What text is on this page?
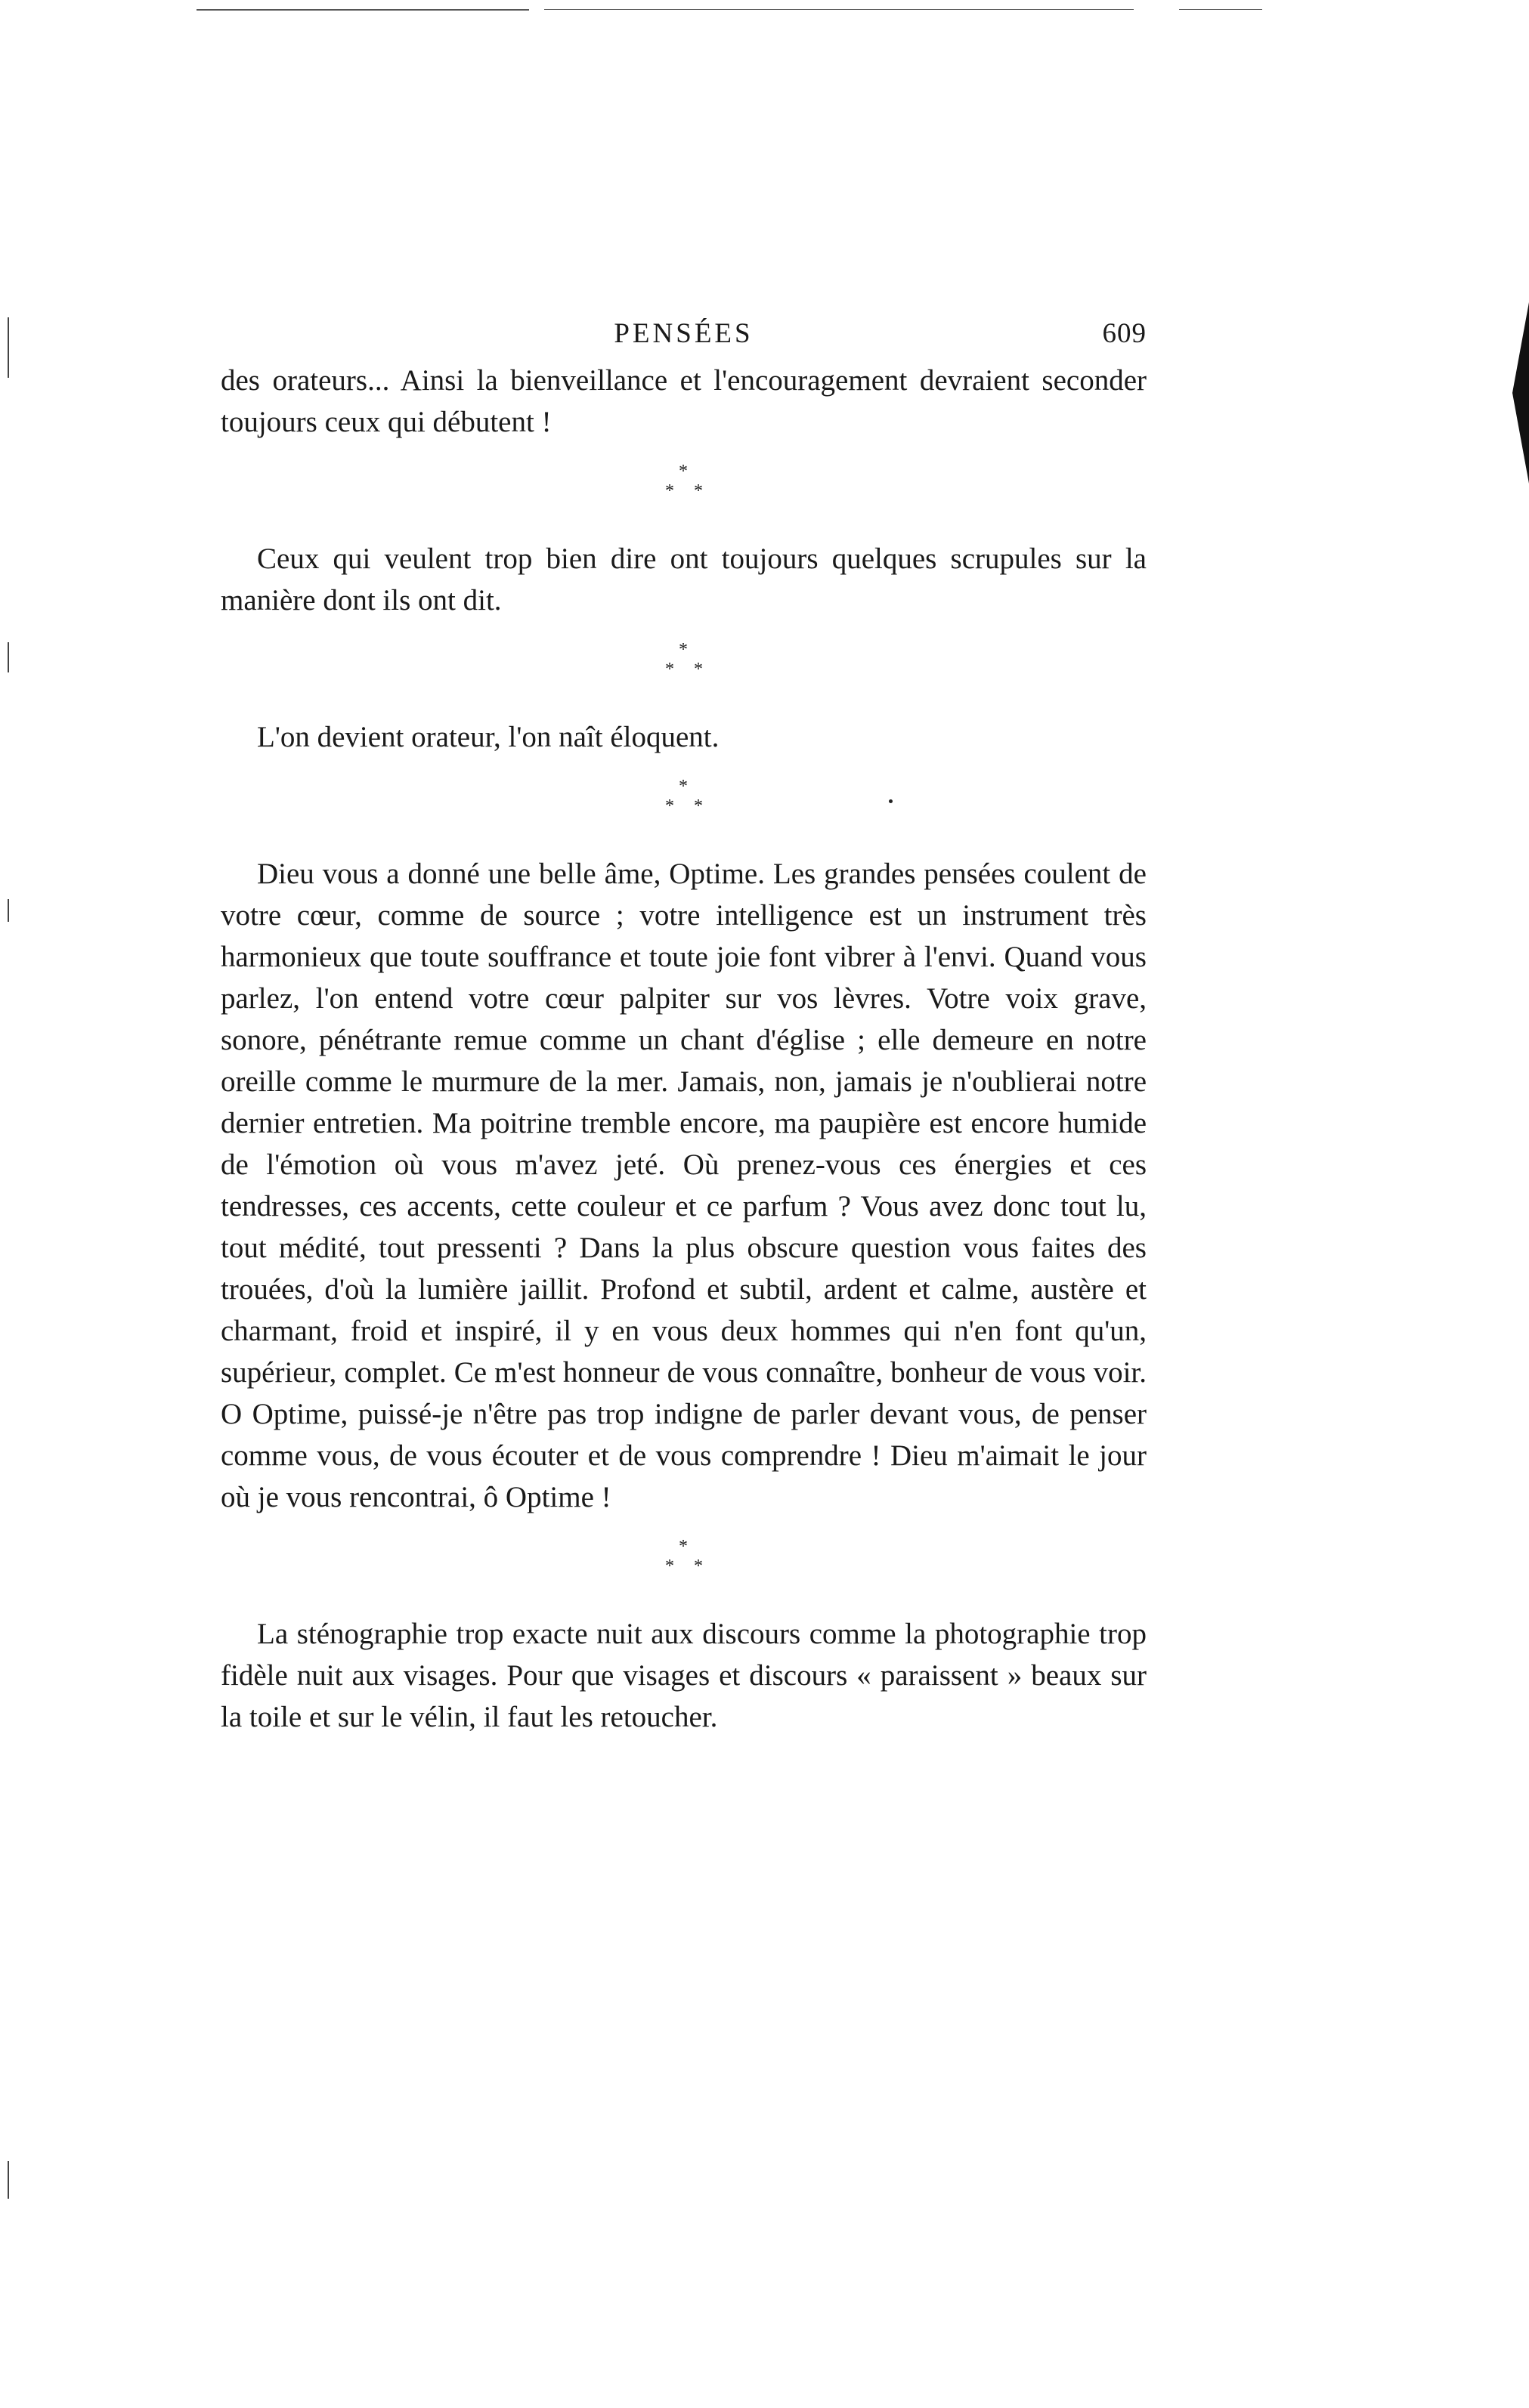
PENSÉES	609

des orateurs... Ainsi la bienveillance et l'encouragement devraient seconder toujours ceux qui débutent !

*
* *

Ceux qui veulent trop bien dire ont toujours quelques scrupules sur la manière dont ils ont dit.

*
* *

L'on devient orateur, l'on naît éloquent.

*
* *

Dieu vous a donné une belle âme, Optime. Les grandes pensées coulent de votre cœur, comme de source ; votre intelligence est un instrument très harmonieux que toute souffrance et toute joie font vibrer à l'envi. Quand vous parlez, l'on entend votre cœur palpiter sur vos lèvres. Votre voix grave, sonore, pénétrante remue comme un chant d'église ; elle demeure en notre oreille comme le murmure de la mer. Jamais, non, jamais je n'oublierai notre dernier entretien. Ma poitrine tremble encore, ma paupière est encore humide de l'émotion où vous m'avez jeté. Où prenez-vous ces énergies et ces tendresses, ces accents, cette couleur et ce parfum ? Vous avez donc tout lu, tout médité, tout pressenti ? Dans la plus obscure question vous faites des trouées, d'où la lumière jaillit. Profond et subtil, ardent et calme, austère et charmant, froid et inspiré, il y en vous deux hommes qui n'en font qu'un, supérieur, complet. Ce m'est honneur de vous connaître, bonheur de vous voir. O Optime, puissé-je n'être pas trop indigne de parler devant vous, de penser comme vous, de vous écouter et de vous comprendre ! Dieu m'aimait le jour où je vous rencontrai, ô Optime !

*
* *

La sténographie trop exacte nuit aux discours comme la photographie trop fidèle nuit aux visages. Pour que visages et discours « paraissent » beaux sur la toile et sur le vélin, il faut les retoucher.
